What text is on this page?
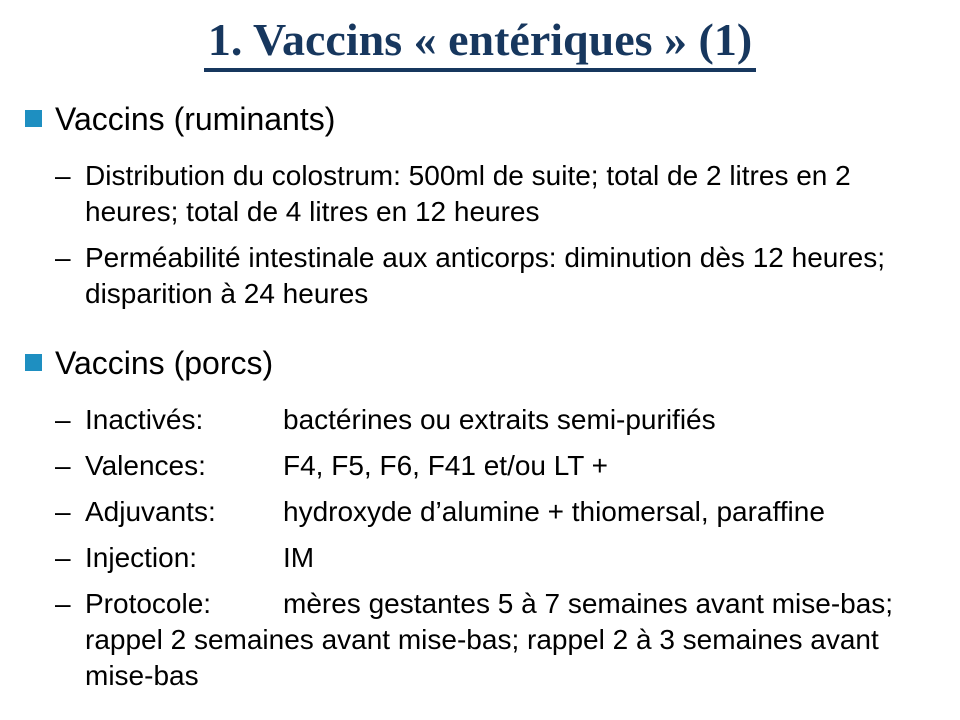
1. Vaccins « entériques » (1)
Vaccins (ruminants)
– Distribution du colostrum: 500ml de suite; total de 2 litres en 2 heures; total de 4 litres en 12 heures
– Perméabilité intestinale aux anticorps: diminution dès 12 heures; disparition à 24 heures
Vaccins (porcs)
– Inactivés:	bactérines ou extraits semi-purifiés
– Valences:	F4, F5, F6, F41 et/ou LT +
– Adjuvants: hydroxyde d’alumine + thiomersal, paraffine
– Injection:	IM
– Protocole:	mères gestantes 5 à 7 semaines avant mise-bas; rappel 2 semaines avant mise-bas; rappel 2 à 3 semaines avant mise-bas
